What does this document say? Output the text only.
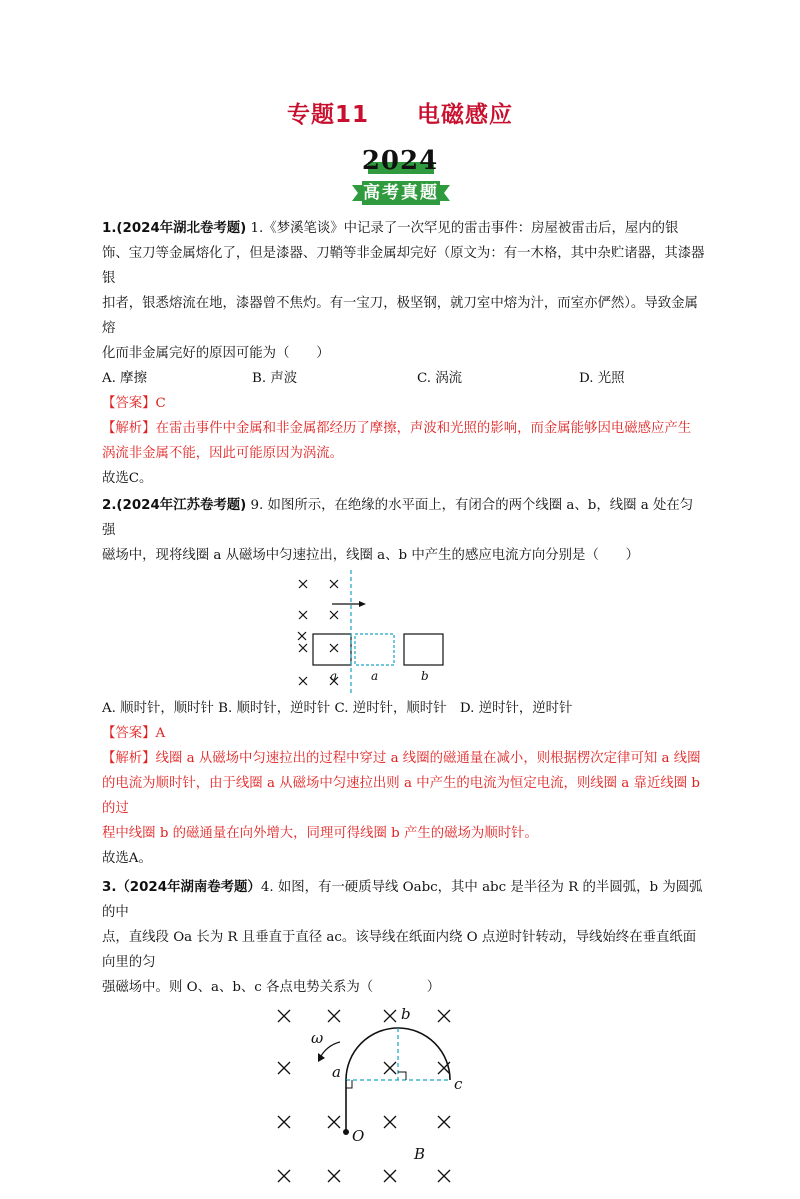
专题11 电磁感应
2024
高考真题

1.(2024年湖北卷考题) 1.《梦溪笔谈》中记录了一次罕见的雷击事件：房屋被雷击后，屋内的银

饰、宝刀等金属熔化了，但是漆器、刀鞘等非金属却完好（原文为：有一木格，其中杂贮诸器，其漆器银

扣者，银悉熔流在地，漆器曾不焦灼。有一宝刀，极坚钢，就刀室中熔为汁，而室亦俨然）。导致金属熔

化而非金属完好的原因可能为（　　）

A. 摩擦	B. 声波	C. 涡流	D. 光照

【答案】C

【解析】在雷击事件中金属和非金属都经历了摩擦，声波和光照的影响，而金属能够因电磁感应产生

涡流非金属不能，因此可能原因为涡流。

故选C。

2.(2024年江苏卷考题) 9. 如图所示，在绝缘的水平面上，有闭合的两个线圈 a、b，线圈 a 处在匀强

磁场中，现将线圈 a 从磁场中匀速拉出，线圈 a、b 中产生的感应电流方向分别是（　　）

a	a	b

A. 顺时针，顺时针 B. 顺时针，逆时针 C. 逆时针，顺时针　D. 逆时针，逆时针

【答案】A

【解析】线圈 a 从磁场中匀速拉出的过程中穿过 a 线圈的磁通量在减小，则根据楞次定律可知 a 线圈

的电流为顺时针，由于线圈 a 从磁场中匀速拉出则 a 中产生的电流为恒定电流，则线圈 a 靠近线圈 b 的过

程中线圈 b 的磁通量在向外增大，同理可得线圈 b 产生的磁场为顺时针。

故选A。

3.（2024年湖南卷考题）4. 如图，有一硬质导线 Oabc，其中 abc 是半径为 R 的半圆弧，b 为圆弧的中

点，直线段 Oa 长为 R 且垂直于直径 ac。该导线在纸面内绕 O 点逆时针转动，导线始终在垂直纸面向里的匀

强磁场中。则 O、a、b、c 各点电势关系为（　　　　）

ω
a
b
c
O
B
